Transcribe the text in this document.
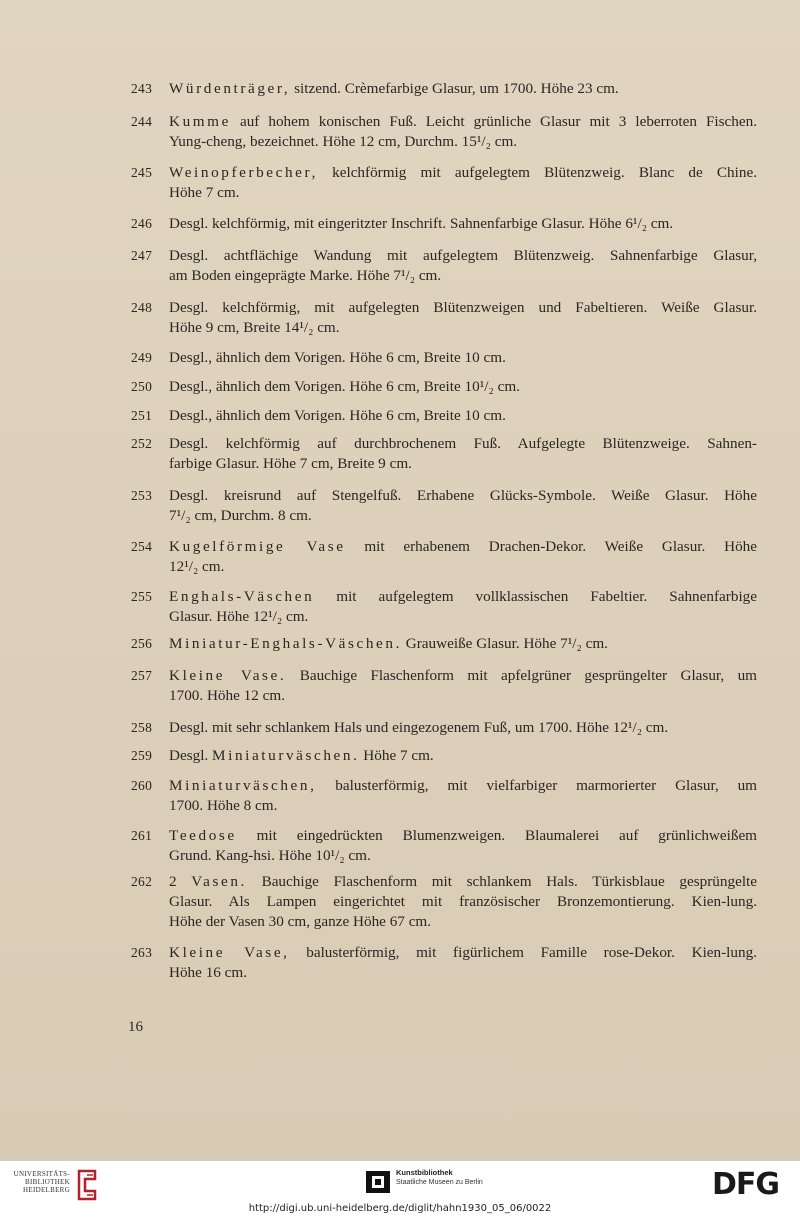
243	Würdenträger, sitzend. Crèmefarbige Glasur, um 1700. Höhe 23 cm.
244	Kumme auf hohem konischen Fuß. Leicht grünliche Glasur mit 3 leberroten Fischen.
Yung-cheng, bezeichnet. Höhe 12 cm, Durchm. 15¹/₂ cm.
245	Weinopferbecher, kelchförmig mit aufgelegtem Blütenzweig. Blanc de Chine.
Höhe 7 cm.
246	Desgl. kelchförmig, mit eingeritzter Inschrift. Sahnenfarbige Glasur. Höhe 6¹/₂ cm.
247	Desgl. achtflächige Wandung mit aufgelegtem Blütenzweig. Sahnenfarbige Glasur,
am Boden eingeprägte Marke. Höhe 7¹/₂ cm.
248	Desgl. kelchförmig, mit aufgelegten Blütenzweigen und Fabeltieren. Weiße Glasur.
Höhe 9 cm, Breite 14¹/₂ cm.
249	Desgl., ähnlich dem Vorigen. Höhe 6 cm, Breite 10 cm.
250	Desgl., ähnlich dem Vorigen. Höhe 6 cm, Breite 10¹/₂ cm.
251	Desgl., ähnlich dem Vorigen. Höhe 6 cm, Breite 10 cm.
252	Desgl. kelchförmig auf durchbrochenem Fuß. Aufgelegte Blütenzweige. Sahnen-
farbige Glasur. Höhe 7 cm, Breite 9 cm.
253	Desgl. kreisrund auf Stengelfuß. Erhabene Glücks-Symbole. Weiße Glasur. Höhe
7¹/₂ cm, Durchm. 8 cm.
254	Kugelförmige Vase mit erhabenem Drachen-Dekor. Weiße Glasur. Höhe
12¹/₂ cm.
255	Enghals-Väschen mit aufgelegtem vollklassischen Fabeltier. Sahnenfarbige
Glasur. Höhe 12¹/₂ cm.
256	Miniatur-Enghals-Väschen. Grauweiße Glasur. Höhe 7¹/₂ cm.
257	Kleine Vase. Bauchige Flaschenform mit apfelgrüner gesprüngelter Glasur, um
1700. Höhe 12 cm.
258	Desgl. mit sehr schlankem Hals und eingezogenem Fuß, um 1700. Höhe 12¹/₂ cm.
259	Desgl. Miniaturväschen. Höhe 7 cm.
260	Miniaturväschen, balusterförmig, mit vielfarbiger marmorierter Glasur, um
1700. Höhe 8 cm.
261	Teedose mit eingedrückten Blumenzweigen. Blaumalerei auf grünlichweißem
Grund. Kang-hsi. Höhe 10¹/₂ cm.
262	2 Vasen. Bauchige Flaschenform mit schlankem Hals. Türkisblaue gesprüngelte
Glasur. Als Lampen eingerichtet mit französischer Bronzemontierung. Kien-lung.
Höhe der Vasen 30 cm, ganze Höhe 67 cm.
263	Kleine Vase, balusterförmig, mit figürlichem Famille rose-Dekor. Kien-lung.
Höhe 16 cm.
16
UNIVERSITÄTS-
BIBLIOTHEK
HEIDELBERG
Kunstbibliothek
Staatliche Museen zu Berlin	DFG
http://digi.ub.uni-heidelberg.de/diglit/hahn1930_05_06/0022
